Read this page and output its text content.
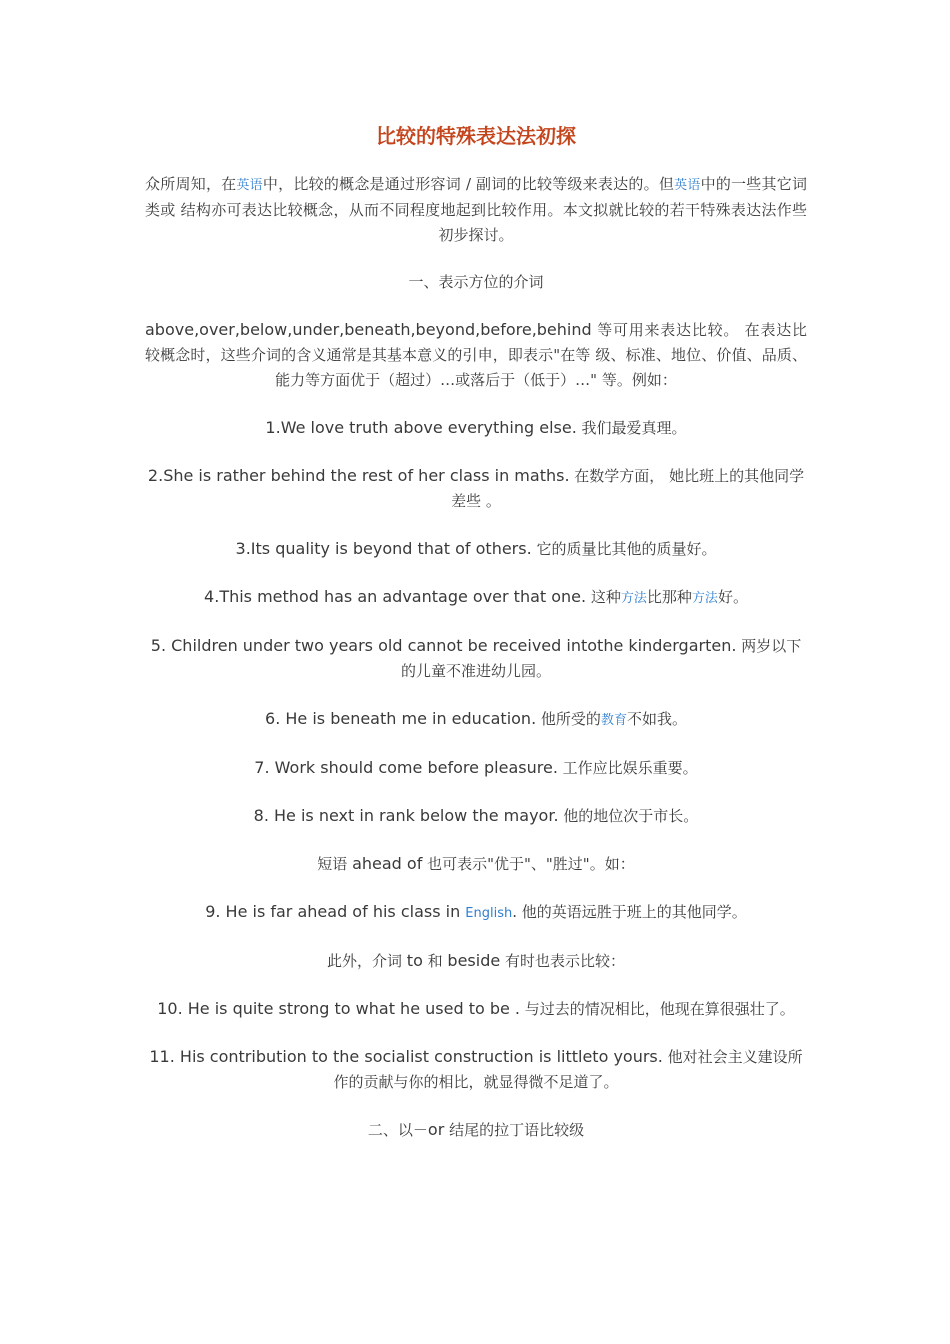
比较的特殊表达法初探

众所周知，在英语中，比较的概念是通过形容词 / 副词的比较等级来表达的。但英语中的一些其它词类或 结构亦可表达比较概念，从而不同程度地起到比较作用。本文拟就比较的若干特殊表达法作些初步探讨。

一、表示方位的介词

above,over,below,under,beneath,beyond,before,behind 等可用来表达比较。 在表达比较概念时，这些介词的含义通常是其基本意义的引申，即表示"在等 级、标准、地位、价值、品质、能力等方面优于（超过）…或落后于（低于）…" 等。例如：

1.We love truth above everything else. 我们最爱真理。

2.She is rather behind the rest of her class in maths. 在数学方面， 她比班上的其他同学差些 。

3.Its quality is beyond that of others. 它的质量比其他的质量好。

4.This method has an advantage over that one. 这种方法比那种方法好。

5. Children under two years old cannot be received intothe kindergarten. 两岁以下的儿童不准进幼儿园。

6. He is beneath me in education. 他所受的教育不如我。

7. Work should come before pleasure. 工作应比娱乐重要。

8. He is next in rank below the mayor. 他的地位次于市长。

短语 ahead of 也可表示"优于"、"胜过"。如：

9. He is far ahead of his class in English. 他的英语远胜于班上的其他同学。

此外，介词 to 和 beside 有时也表示比较：

10. He is quite strong to what he used to be . 与过去的情况相比，他现在算很强壮了。

11. His contribution to the socialist construction is littleto yours. 他对社会主义建设所作的贡献与你的相比，就显得微不足道了。

二、以－or 结尾的拉丁语比较级
